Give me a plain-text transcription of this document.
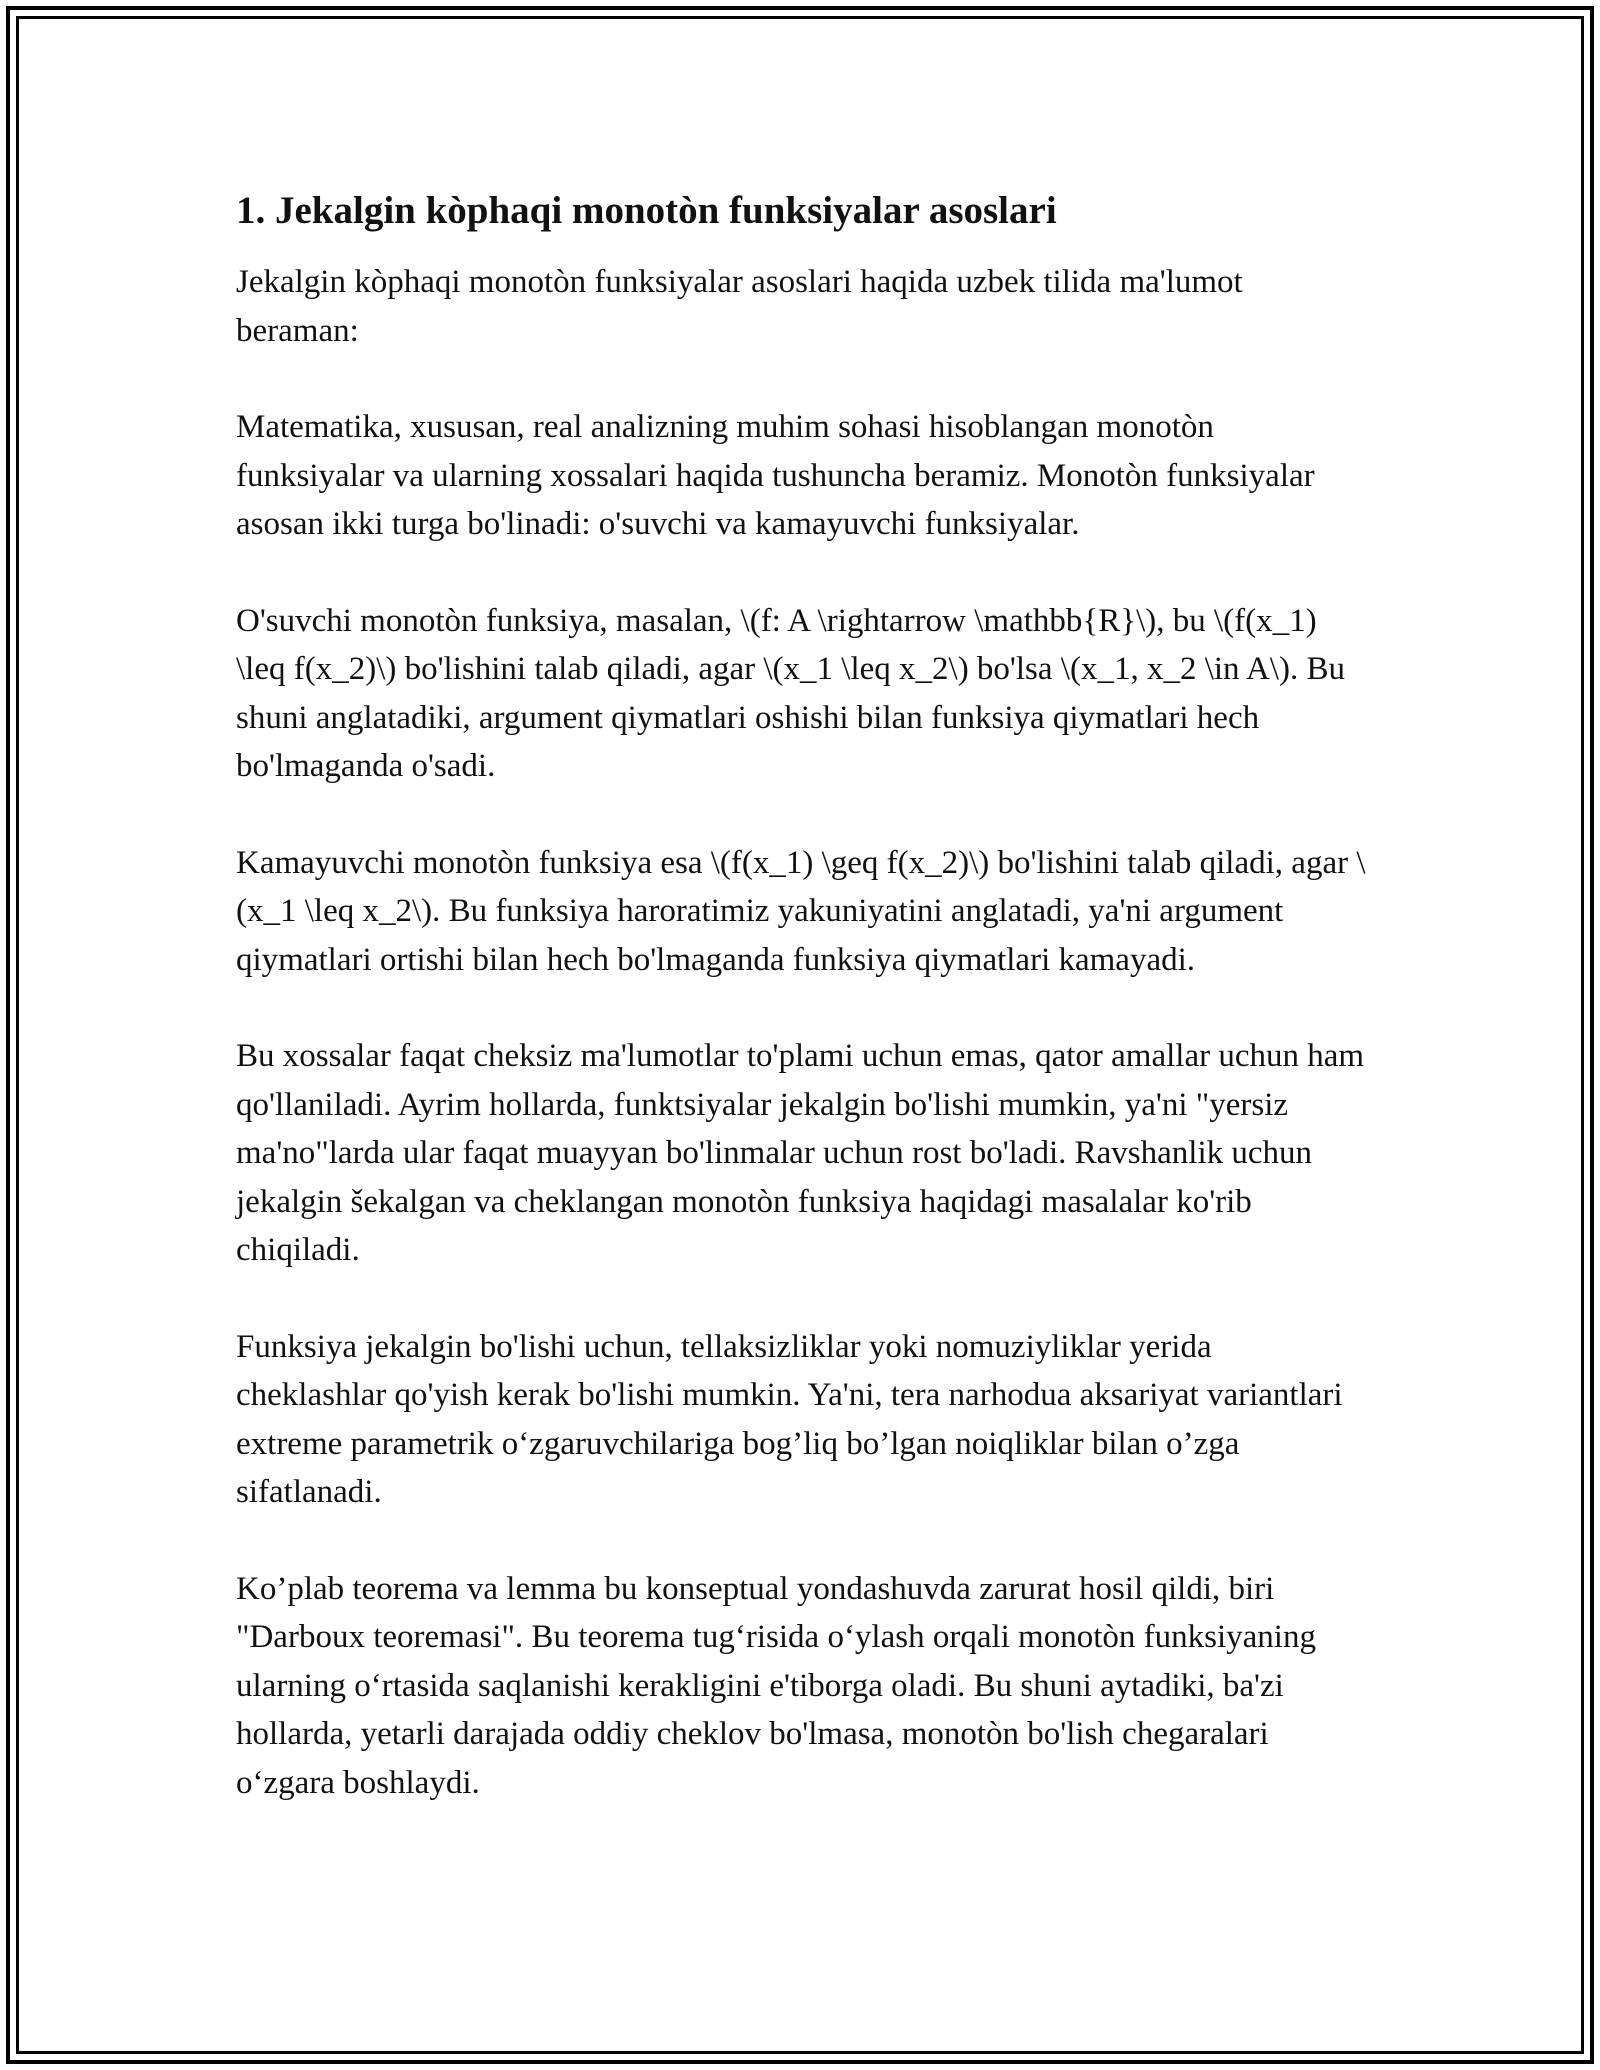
1. Jekalgin kòphaqi monotòn funksiyalar asoslari

Jekalgin kòphaqi monotòn funksiyalar asoslari haqida uzbek tilida ma'lumot beraman:

Matematika, xususan, real analizning muhim sohasi hisoblangan monotòn funksiyalar va ularning xossalari haqida tushuncha beramiz. Monotòn funksiyalar asosan ikki turga bo'linadi: o'suvchi va kamayuvchi funksiyalar.

O'suvchi monotòn funksiya, masalan, \(f: A \rightarrow \mathbb{R}\), bu \(f(x_1) \leq f(x_2)\) bo'lishini talab qiladi, agar \(x_1 \leq x_2\) bo'lsa \(x_1, x_2 \in A\). Bu shuni anglatadiki, argument qiymatlari oshishi bilan funksiya qiymatlari hech bo'lmaganda o'sadi.

Kamayuvchi monotòn funksiya esa \(f(x_1) \geq f(x_2)\) bo'lishini talab qiladi, agar \(x_1 \leq x_2\). Bu funksiya haroratimiz yakuniyatini anglatadi, ya'ni argument qiymatlari ortishi bilan hech bo'lmaganda funksiya qiymatlari kamayadi.

Bu xossalar faqat cheksiz ma'lumotlar to'plami uchun emas, qator amallar uchun ham qo'llaniladi. Ayrim hollarda, funktsiyalar jekalgin bo'lishi mumkin, ya'ni "yersiz ma'no"larda ular faqat muayyan bo'linmalar uchun rost bo'ladi. Ravshanlik uchun jekalgin šekalgan va cheklangan monotòn funksiya haqidagi masalalar ko'rib chiqiladi.

Funksiya jekalgin bo'lishi uchun, tellaksizliklar yoki nomuziyliklar yerida cheklashlar qo'yish kerak bo'lishi mumkin. Ya'ni, tera narhodua aksariyat variantlari extreme parametrik o‘zgaruvchilariga bog’liq bo’lgan noiqliklar bilan o’zga sifatlanadi.

Ko’plab teorema va lemma bu konseptual yondashuvda zarurat hosil qildi, biri "Darboux teoremasi". Bu teorema tug‘risida o‘ylash orqali monotòn funksiyaning ularning o‘rtasida saqlanishi kerakligini e'tiborga oladi. Bu shuni aytadiki, ba'zi hollarda, yetarli darajada oddiy cheklov bo'lmasa, monotòn bo'lish chegaralari o‘zgara boshlaydi.
